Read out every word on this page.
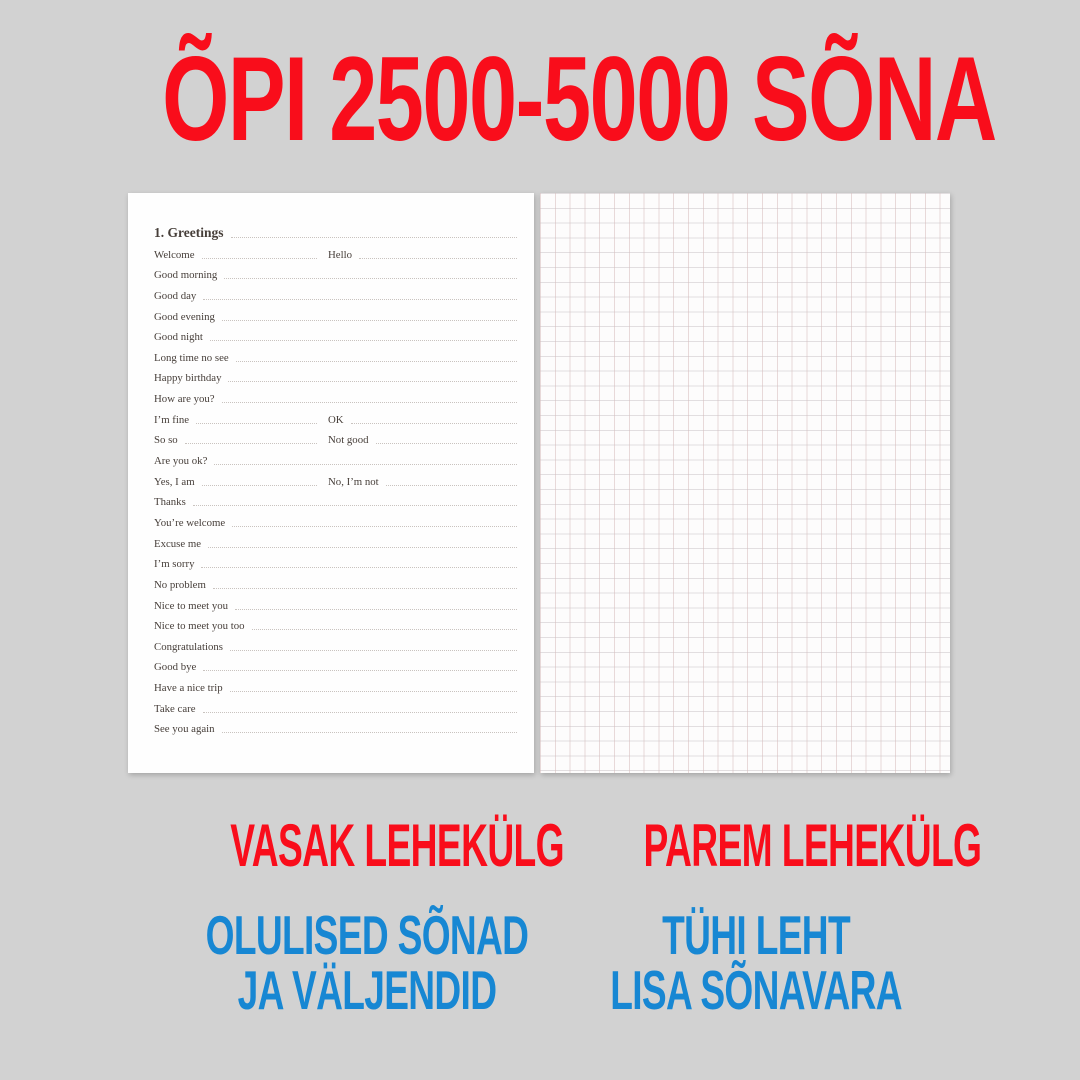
ÕPI 2500-5000 SÕNA
1. Greetings
Welcome	Hello
Good morning
Good day
Good evening
Good night
Long time no see
Happy birthday
How are you?
I’m fine	OK
So so	Not good
Are you ok?
Yes, I am	No, I’m not
Thanks
You’re welcome
Excuse me
I’m sorry
No problem
Nice to meet you
Nice to meet you too
Congratulations
Good bye
Have a nice trip
Take care
See you again
VASAK LEHEKÜLG	PAREM LEHEKÜLG
OLULISED SÕNAD
JA VÄLJENDID
TÜHI LEHT
LISA SÕNAVARA
